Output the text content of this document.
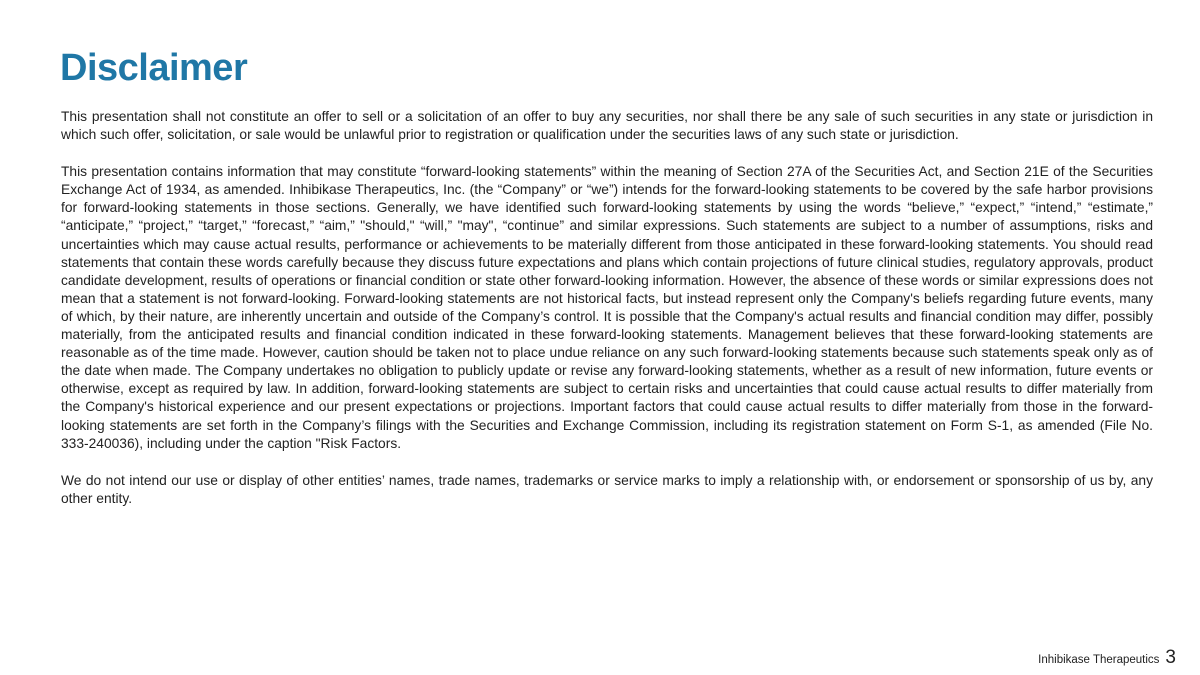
Disclaimer

This presentation shall not constitute an offer to sell or a solicitation of an offer to buy any securities, nor shall there be any sale of such securities in any state or jurisdiction in which such offer, solicitation, or sale would be unlawful prior to registration or qualification under the securities laws of any such state or jurisdiction.

This presentation contains information that may constitute “forward-looking statements” within the meaning of Section 27A of the Securities Act, and Section 21E of the Securities Exchange Act of 1934, as amended. Inhibikase Therapeutics, Inc. (the “Company” or “we”) intends for the forward-looking statements to be covered by the safe harbor provisions for forward-looking statements in those sections. Generally, we have identified such forward-looking statements by using the words “believe,” “expect,” “intend,” “estimate,” “anticipate,” “project,” “target,” “forecast,” “aim,” "should," “will,” "may", “continue” and similar expressions. Such statements are subject to a number of assumptions, risks and uncertainties which may cause actual results, performance or achievements to be materially different from those anticipated in these forward-looking statements. You should read statements that contain these words carefully because they discuss future expectations and plans which contain projections of future clinical studies, regulatory approvals, product candidate development, results of operations or financial condition or state other forward-looking information. However, the absence of these words or similar expressions does not mean that a statement is not forward-looking. Forward-looking statements are not historical facts, but instead represent only the Company's beliefs regarding future events, many of which, by their nature, are inherently uncertain and outside of the Company’s control. It is possible that the Company's actual results and financial condition may differ, possibly materially, from the anticipated results and financial condition indicated in these forward-looking statements. Management believes that these forward-looking statements are reasonable as of the time made. However, caution should be taken not to place undue reliance on any such forward-looking statements because such statements speak only as of the date when made. The Company undertakes no obligation to publicly update or revise any forward-looking statements, whether as a result of new information, future events or otherwise, except as required by law. In addition, forward-looking statements are subject to certain risks and uncertainties that could cause actual results to differ materially from the Company's historical experience and our present expectations or projections. Important factors that could cause actual results to differ materially from those in the forward-looking statements are set forth in the Company’s filings with the Securities and Exchange Commission, including its registration statement on Form S-1, as amended (File No. 333-240036), including under the caption "Risk Factors.

We do not intend our use or display of other entities’ names, trade names, trademarks or service marks to imply a relationship with, or endorsement or sponsorship of us by, any other entity.

Inhibikase Therapeutics 3
